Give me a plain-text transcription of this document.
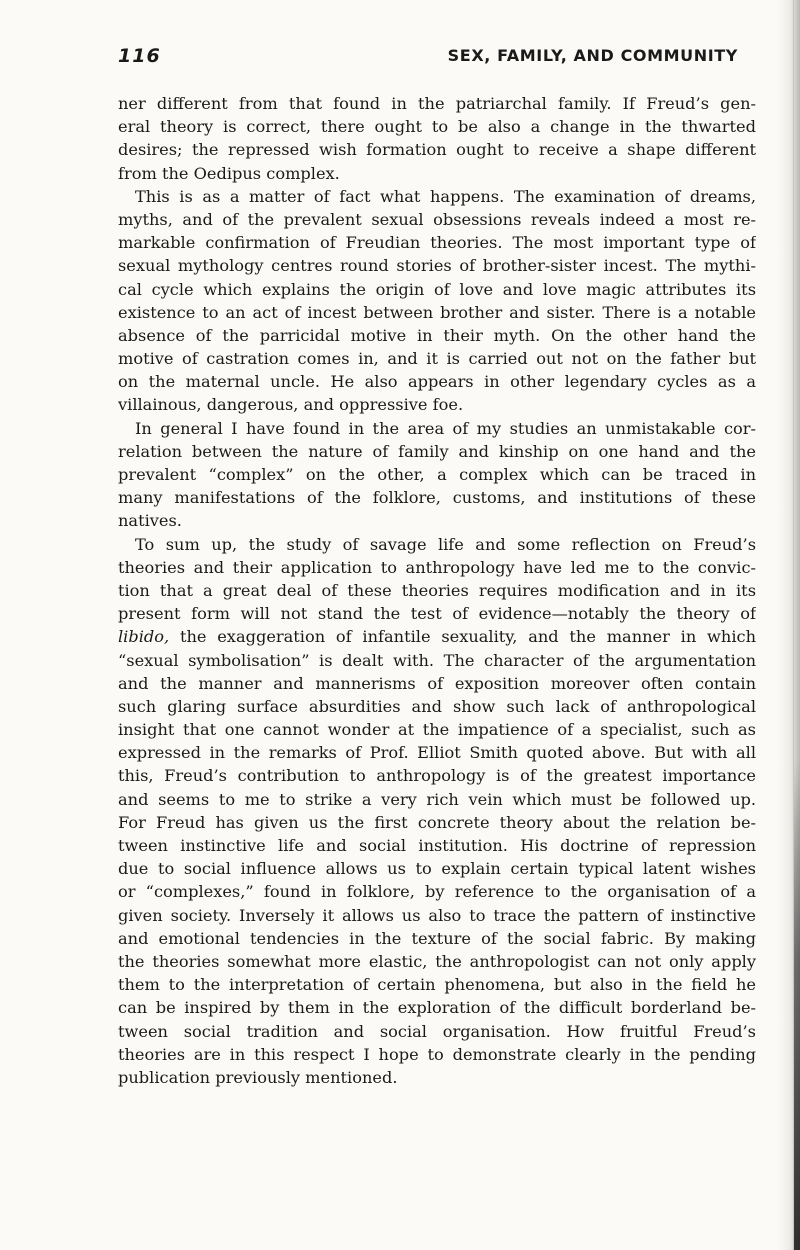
116	SEX, FAMILY, AND COMMUNITY
ner different from that found in the patriarchal family. If Freud’s gen-
eral theory is correct, there ought to be also a change in the thwarted
desires; the repressed wish formation ought to receive a shape different
from the Oedipus complex.
This is as a matter of fact what happens. The examination of dreams,
myths, and of the prevalent sexual obsessions reveals indeed a most re-
markable confirmation of Freudian theories. The most important type of
sexual mythology centres round stories of brother-sister incest. The mythi-
cal cycle which explains the origin of love and love magic attributes its
existence to an act of incest between brother and sister. There is a notable
absence of the parricidal motive in their myth. On the other hand the
motive of castration comes in, and it is carried out not on the father but
on the maternal uncle. He also appears in other legendary cycles as a
villainous, dangerous, and oppressive foe.
In general I have found in the area of my studies an unmistakable cor-
relation between the nature of family and kinship on one hand and the
prevalent “complex” on the other, a complex which can be traced in
many manifestations of the folklore, customs, and institutions of these
natives.
To sum up, the study of savage life and some reflection on Freud’s
theories and their application to anthropology have led me to the convic-
tion that a great deal of these theories requires modification and in its
present form will not stand the test of evidence—notably the theory of
libido, the exaggeration of infantile sexuality, and the manner in which
“sexual symbolisation” is dealt with. The character of the argumentation
and the manner and mannerisms of exposition moreover often contain
such glaring surface absurdities and show such lack of anthropological
insight that one cannot wonder at the impatience of a specialist, such as
expressed in the remarks of Prof. Elliot Smith quoted above. But with all
this, Freud’s contribution to anthropology is of the greatest importance
and seems to me to strike a very rich vein which must be followed up.
For Freud has given us the first concrete theory about the relation be-
tween instinctive life and social institution. His doctrine of repression
due to social influence allows us to explain certain typical latent wishes
or “complexes,” found in folklore, by reference to the organisation of a
given society. Inversely it allows us also to trace the pattern of instinctive
and emotional tendencies in the texture of the social fabric. By making
the theories somewhat more elastic, the anthropologist can not only apply
them to the interpretation of certain phenomena, but also in the field he
can be inspired by them in the exploration of the difficult borderland be-
tween social tradition and social organisation. How fruitful Freud’s
theories are in this respect I hope to demonstrate clearly in the pending
publication previously mentioned.
